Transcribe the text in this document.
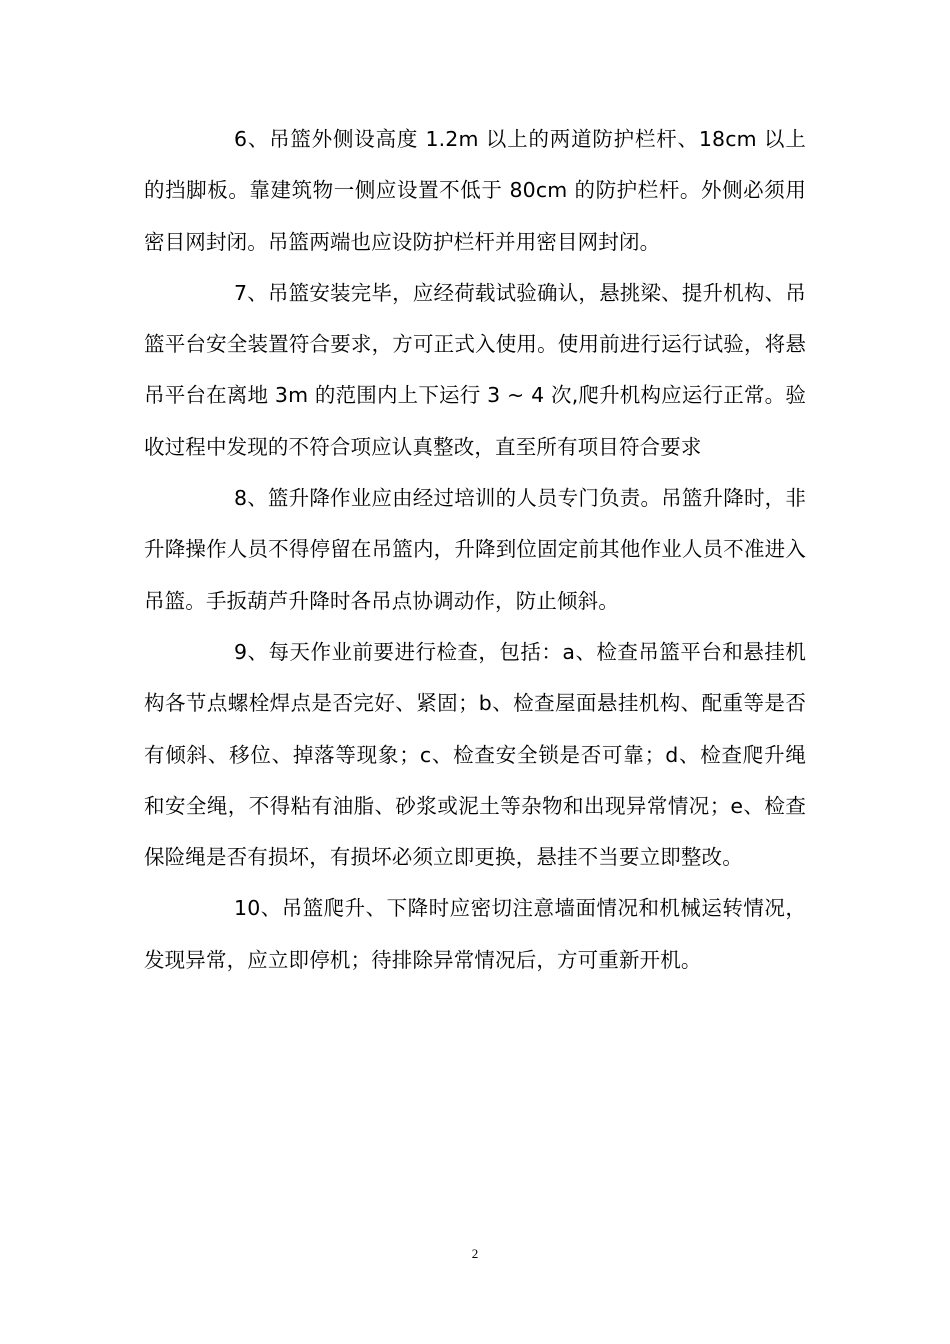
6、吊篮外侧设高度 1.2m 以上的两道防护栏杆、18cm 以上的挡脚板。靠建筑物一侧应设置不低于 80cm 的防护栏杆。外侧必须用密目网封闭。吊篮两端也应设防护栏杆并用密目网封闭。

7、吊篮安装完毕，应经荷载试验确认，悬挑梁、提升机构、吊篮平台安全装置符合要求，方可正式入使用。使用前进行运行试验，将悬吊平台在离地 3m 的范围内上下运行 3 ~ 4 次,爬升机构应运行正常。验收过程中发现的不符合项应认真整改，直至所有项目符合要求

8、篮升降作业应由经过培训的人员专门负责。吊篮升降时，非升降操作人员不得停留在吊篮内，升降到位固定前其他作业人员不准进入吊篮。手扳葫芦升降时各吊点协调动作，防止倾斜。

9、每天作业前要进行检查，包括：a、检查吊篮平台和悬挂机构各节点螺栓焊点是否完好、紧固；b、检查屋面悬挂机构、配重等是否有倾斜、移位、掉落等现象；c、检查安全锁是否可靠；d、检查爬升绳和安全绳，不得粘有油脂、砂浆或泥土等杂物和出现异常情况；e、检查保险绳是否有损坏，有损坏必须立即更换，悬挂不当要立即整改。

10、吊篮爬升、下降时应密切注意墙面情况和机械运转情况，发现异常，应立即停机；待排除异常情况后，方可重新开机。

2
